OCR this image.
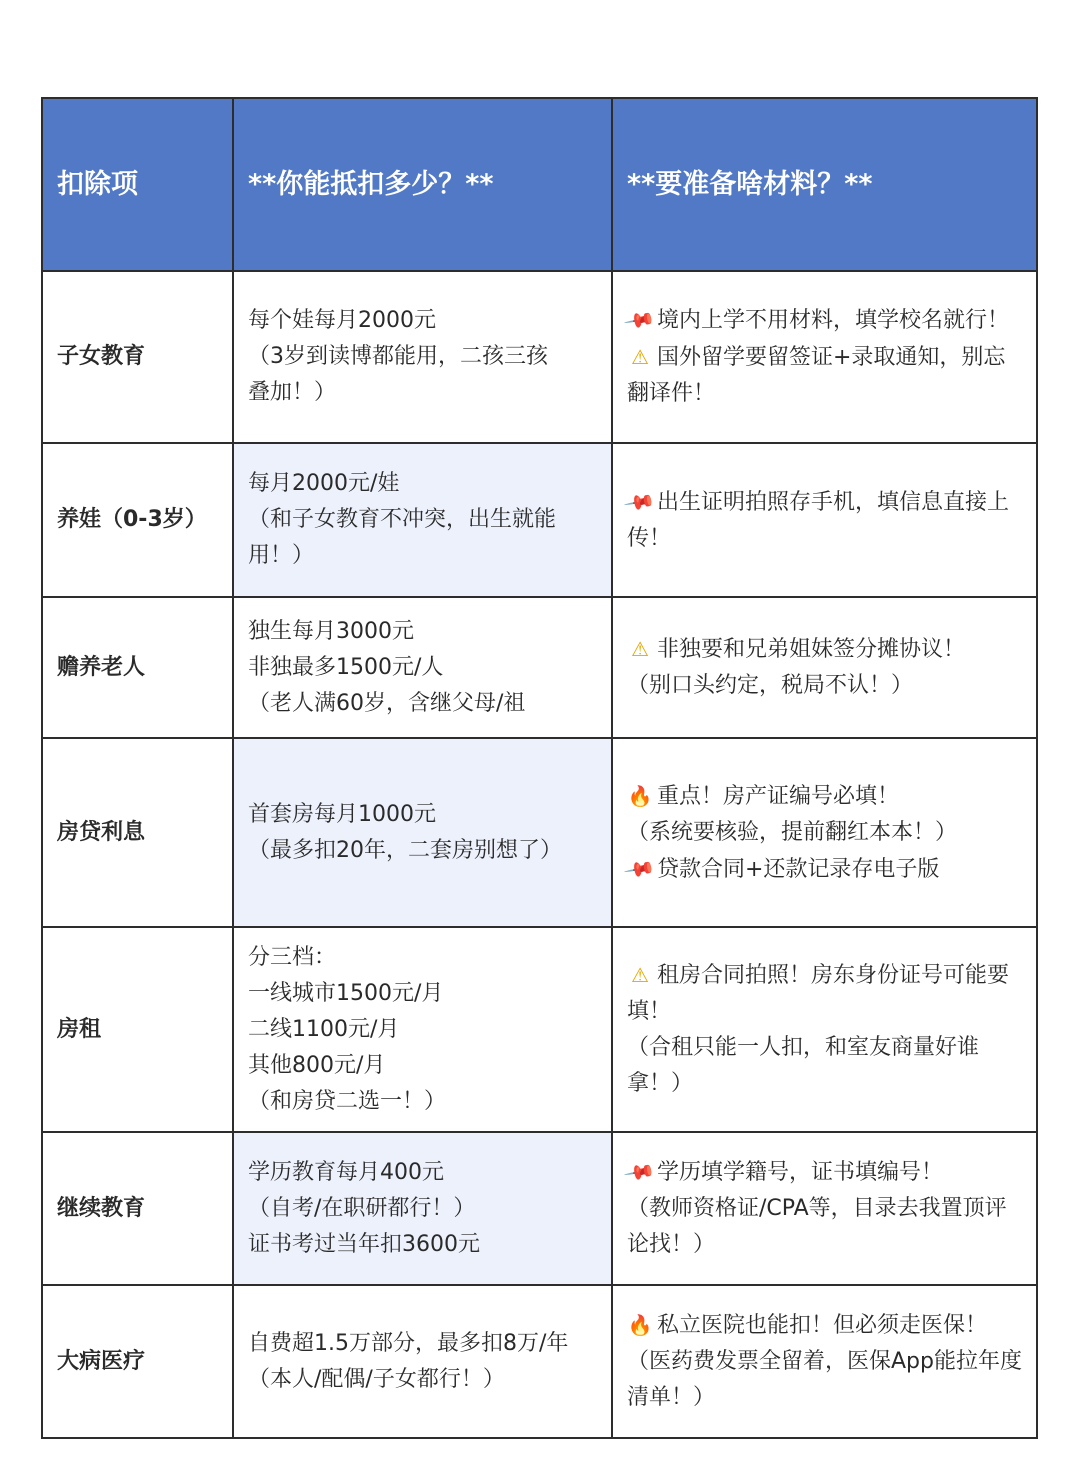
扣除项	**你能抵扣多少？**	**要准备啥材料？**
子女教育
每个娃每月2000元
（3岁到读博都能用，二孩三孩
叠加！）
📌境内上学不用材料，填学校名就行！
⚠ 国外留学要留签证+录取通知，别忘翻译件！
养娃（0-3岁）
每月2000元/娃
（和子女教育不冲突，出生就能
用！）
📌出生证明拍照存手机，填信息直接上传！
赡养老人
独生每月3000元
非独最多1500元/人
（老人满60岁，含继父母/祖
⚠ 非独要和兄弟姐妹签分摊协议！
（别口头约定，税局不认！）
房贷利息
首套房每月1000元
（最多扣20年，二套房别想了）
🔥 重点！房产证编号必填！
（系统要核验，提前翻红本本！）
📌贷款合同+还款记录存电子版
房租
分三档：
一线城市1500元/月
二线1100元/月
其他800元/月
（和房贷二选一！）
⚠ 租房合同拍照！房东身份证号可能要填！
（合租只能一人扣，和室友商量好谁拿！）
继续教育
学历教育每月400元
（自考/在职研都行！）
证书考过当年扣3600元
📌学历填学籍号，证书填编号！
（教师资格证/CPA等，目录去我置顶评论找！）
大病医疗
自费超1.5万部分，最多扣8万/年
（本人/配偶/子女都行！）
🔥 私立医院也能扣！但必须走医保！
（医药费发票全留着，医保App能拉年度清单！）
